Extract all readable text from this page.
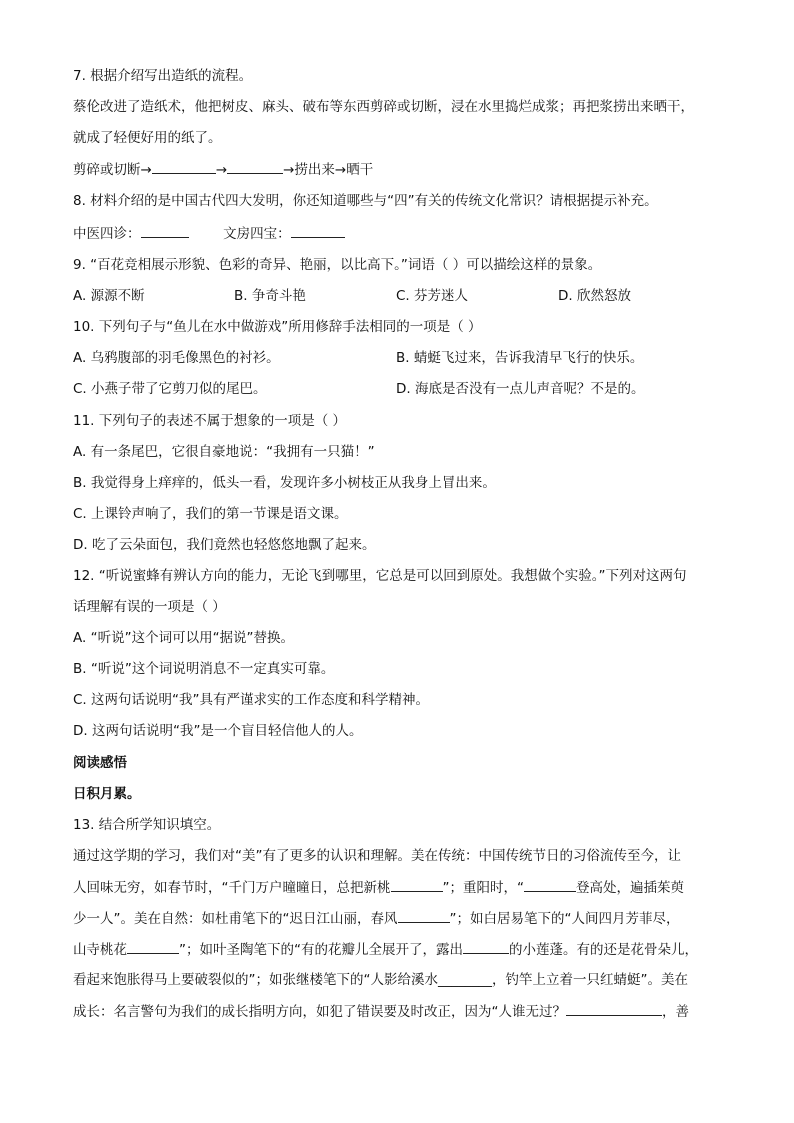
7. 根据介绍写出造纸的流程。
蔡伦改进了造纸术，他把树皮、麻头、破布等东西剪碎或切断，浸在水里捣烂成浆；再把浆捞出来晒干，
就成了轻便好用的纸了。
剪碎或切断→	→	→捞出来→晒干
8. 材料介绍的是中国古代四大发明，你还知道哪些与“四”有关的传统文化常识？请根据提示补充。
中医四诊：	文房四宝：
9. “百花竞相展示形貌、色彩的奇异、艳丽，以比高下。”词语（ ）可以描绘这样的景象。
A. 源源不断	B. 争奇斗艳	C. 芬芳迷人	D. 欣然怒放
10. 下列句子与“鱼儿在水中做游戏”所用修辞手法相同的一项是（ ）
A. 乌鸦腹部的羽毛像黑色的衬衫。	B. 蜻蜓飞过来，告诉我清早飞行的快乐。
C. 小燕子带了它剪刀似的尾巴。	D. 海底是否没有一点儿声音呢？不是的。
11. 下列句子的表述不属于想象的一项是（ ）
A. 有一条尾巴，它很自豪地说：“我拥有一只猫！”
B. 我觉得身上痒痒的，低头一看，发现许多小树枝正从我身上冒出来。
C. 上课铃声响了，我们的第一节课是语文课。
D. 吃了云朵面包，我们竟然也轻悠悠地飘了起来。
12. “听说蜜蜂有辨认方向的能力，无论飞到哪里，它总是可以回到原处。我想做个实验。”下列对这两句
话理解有误的一项是（ ）
A. “听说”这个词可以用“据说”替换。
B. “听说”这个词说明消息不一定真实可靠。
C. 这两句话说明“我”具有严谨求实的工作态度和科学精神。
D. 这两句话说明“我”是一个盲目轻信他人的人。
阅读感悟
日积月累。
13. 结合所学知识填空。
通过这学期的学习，我们对“美”有了更多的认识和理解。美在传统：中国传统节日的习俗流传至今，让
人回味无穷，如春节时，“千门万户曈曈日，总把新桃	”；重阳时，“	登高处，遍插茱萸
少一人”。美在自然：如杜甫笔下的“迟日江山丽，春风	”；如白居易笔下的“人间四月芳菲尽，
山寺桃花	”；如叶圣陶笔下的“有的花瓣儿全展开了，露出	的小莲蓬。有的还是花骨朵儿，
看起来饱胀得马上要破裂似的”；如张继楼笔下的“人影给溪水________，钓竿上立着一只红蜻蜓”。美在
成长：名言警句为我们的成长指明方向，如犯了错误要及时改正，因为“人谁无过？	，善
